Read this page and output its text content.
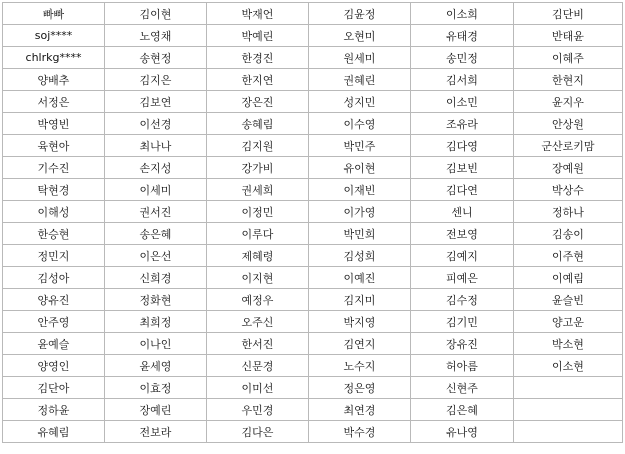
빠빠	김이현	박재언	김윤정	이소희	김단비
soj****	노영채	박예린	오현미	유태경	반태윤
chlrkg****	송현정	한경진	원세미	송민정	이혜주
양배추	김지은	한지연	권혜린	김서희	한현지
서정은	김보연	장은진	성지민	이소민	윤지우
박영빈	이선경	송혜림	이수영	조유라	안상원
육현아	최나나	김지원	박민주	김다영	군산로키맘
기수진	손지성	강가비	유이현	김보빈	장예원
탁현경	이세미	권세희	이재빈	김다연	박상수
이해성	권서진	이정민	이가영	센니	정하나
한승현	송은혜	이루다	박민희	전보영	김송이
정민지	이은선	제혜령	김성희	김예지	이주현
김성아	신희경	이지현	이예진	피예은	이예림
양유진	정화현	예정우	김지미	김수정	윤슬빈
안주영	최희정	오주신	박지영	김기민	양고운
윤예슬	이나인	한서진	김연지	장유진	박소현
양영인	윤세영	신문경	노수지	허아름	이소현
김단아	이효정	이미선	정은영	신현주	
정하윤	장예린	우민경	최연경	김은혜	
유혜림	전보라	김다은	박수경	유나영	
